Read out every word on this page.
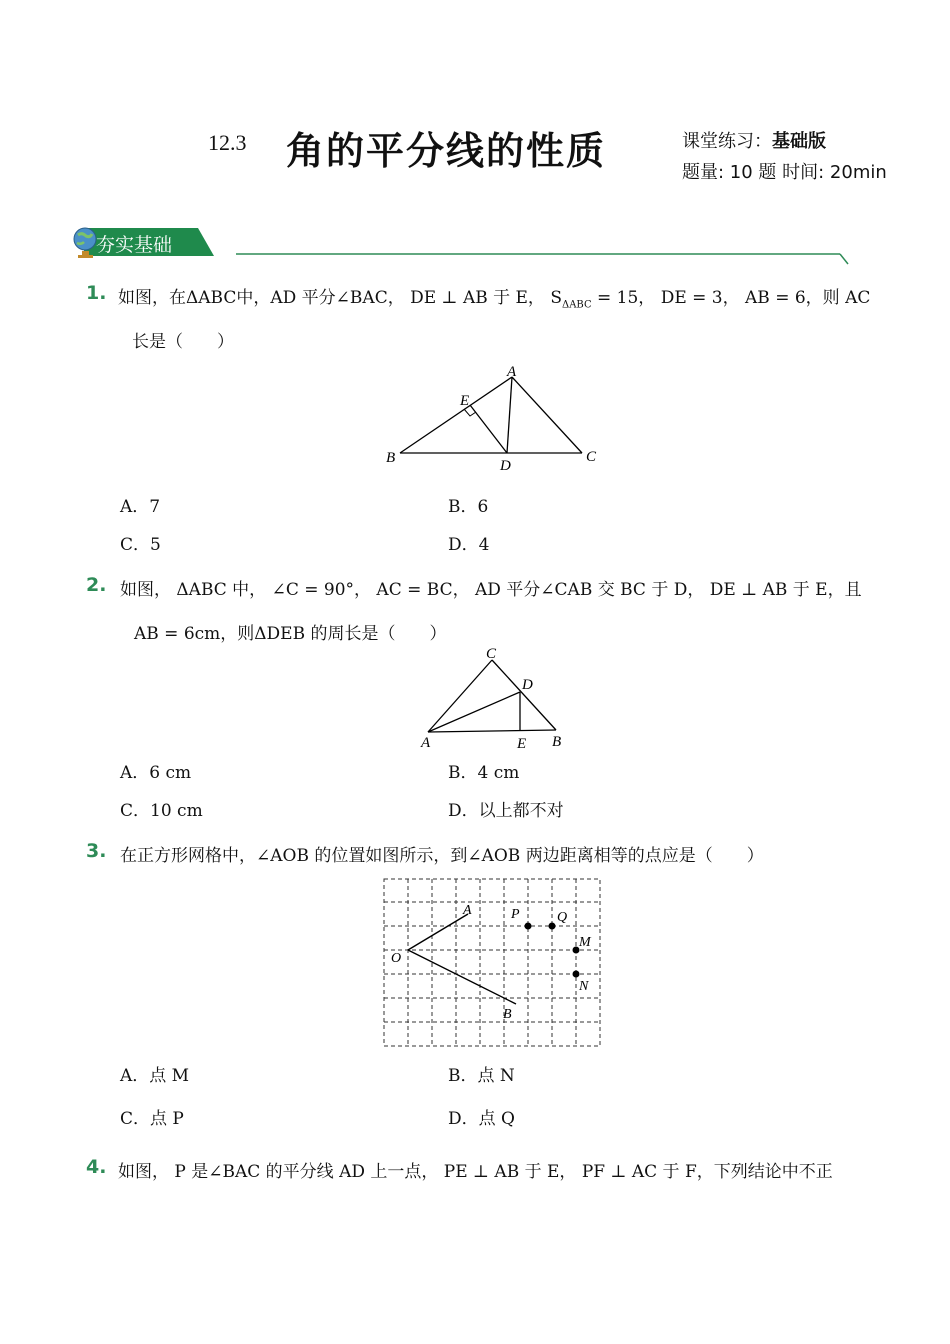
12.3 角的平分线的性质	课堂练习：基础版
题量: 10 题 时间: 20min
夯实基础
1. 如图，在ΔABC中，AD 平分∠BAC， DE ⊥ AB 于 E， $S_{\Delta ABC} = 15$， DE = 3， AB = 6，则 AC
长是（　　）
A
E
B	D
C
A．7	B．6
C．5	D．4
2. 如图， ΔABC 中， ∠C = 90°， AC = BC， AD 平分∠CAB 交 BC 于 D， DE ⊥ AB 于 E，且
AB = 6cm，则ΔDEB 的周长是（　　）
C
D
A	E B
A．6 cm	B．4 cm
C．10 cm	D．以上都不对
3. 在正方形网格中，∠AOB 的位置如图所示，到∠AOB 两边距离相等的点应是（　　）
A	P	Q
M
O
N
B
A．点 M	B．点 N
C．点 P	D．点 Q
4. 如图， P 是∠BAC 的平分线 AD 上一点， PE ⊥ AB 于 E， PF ⊥ AC 于 F，下列结论中不正
